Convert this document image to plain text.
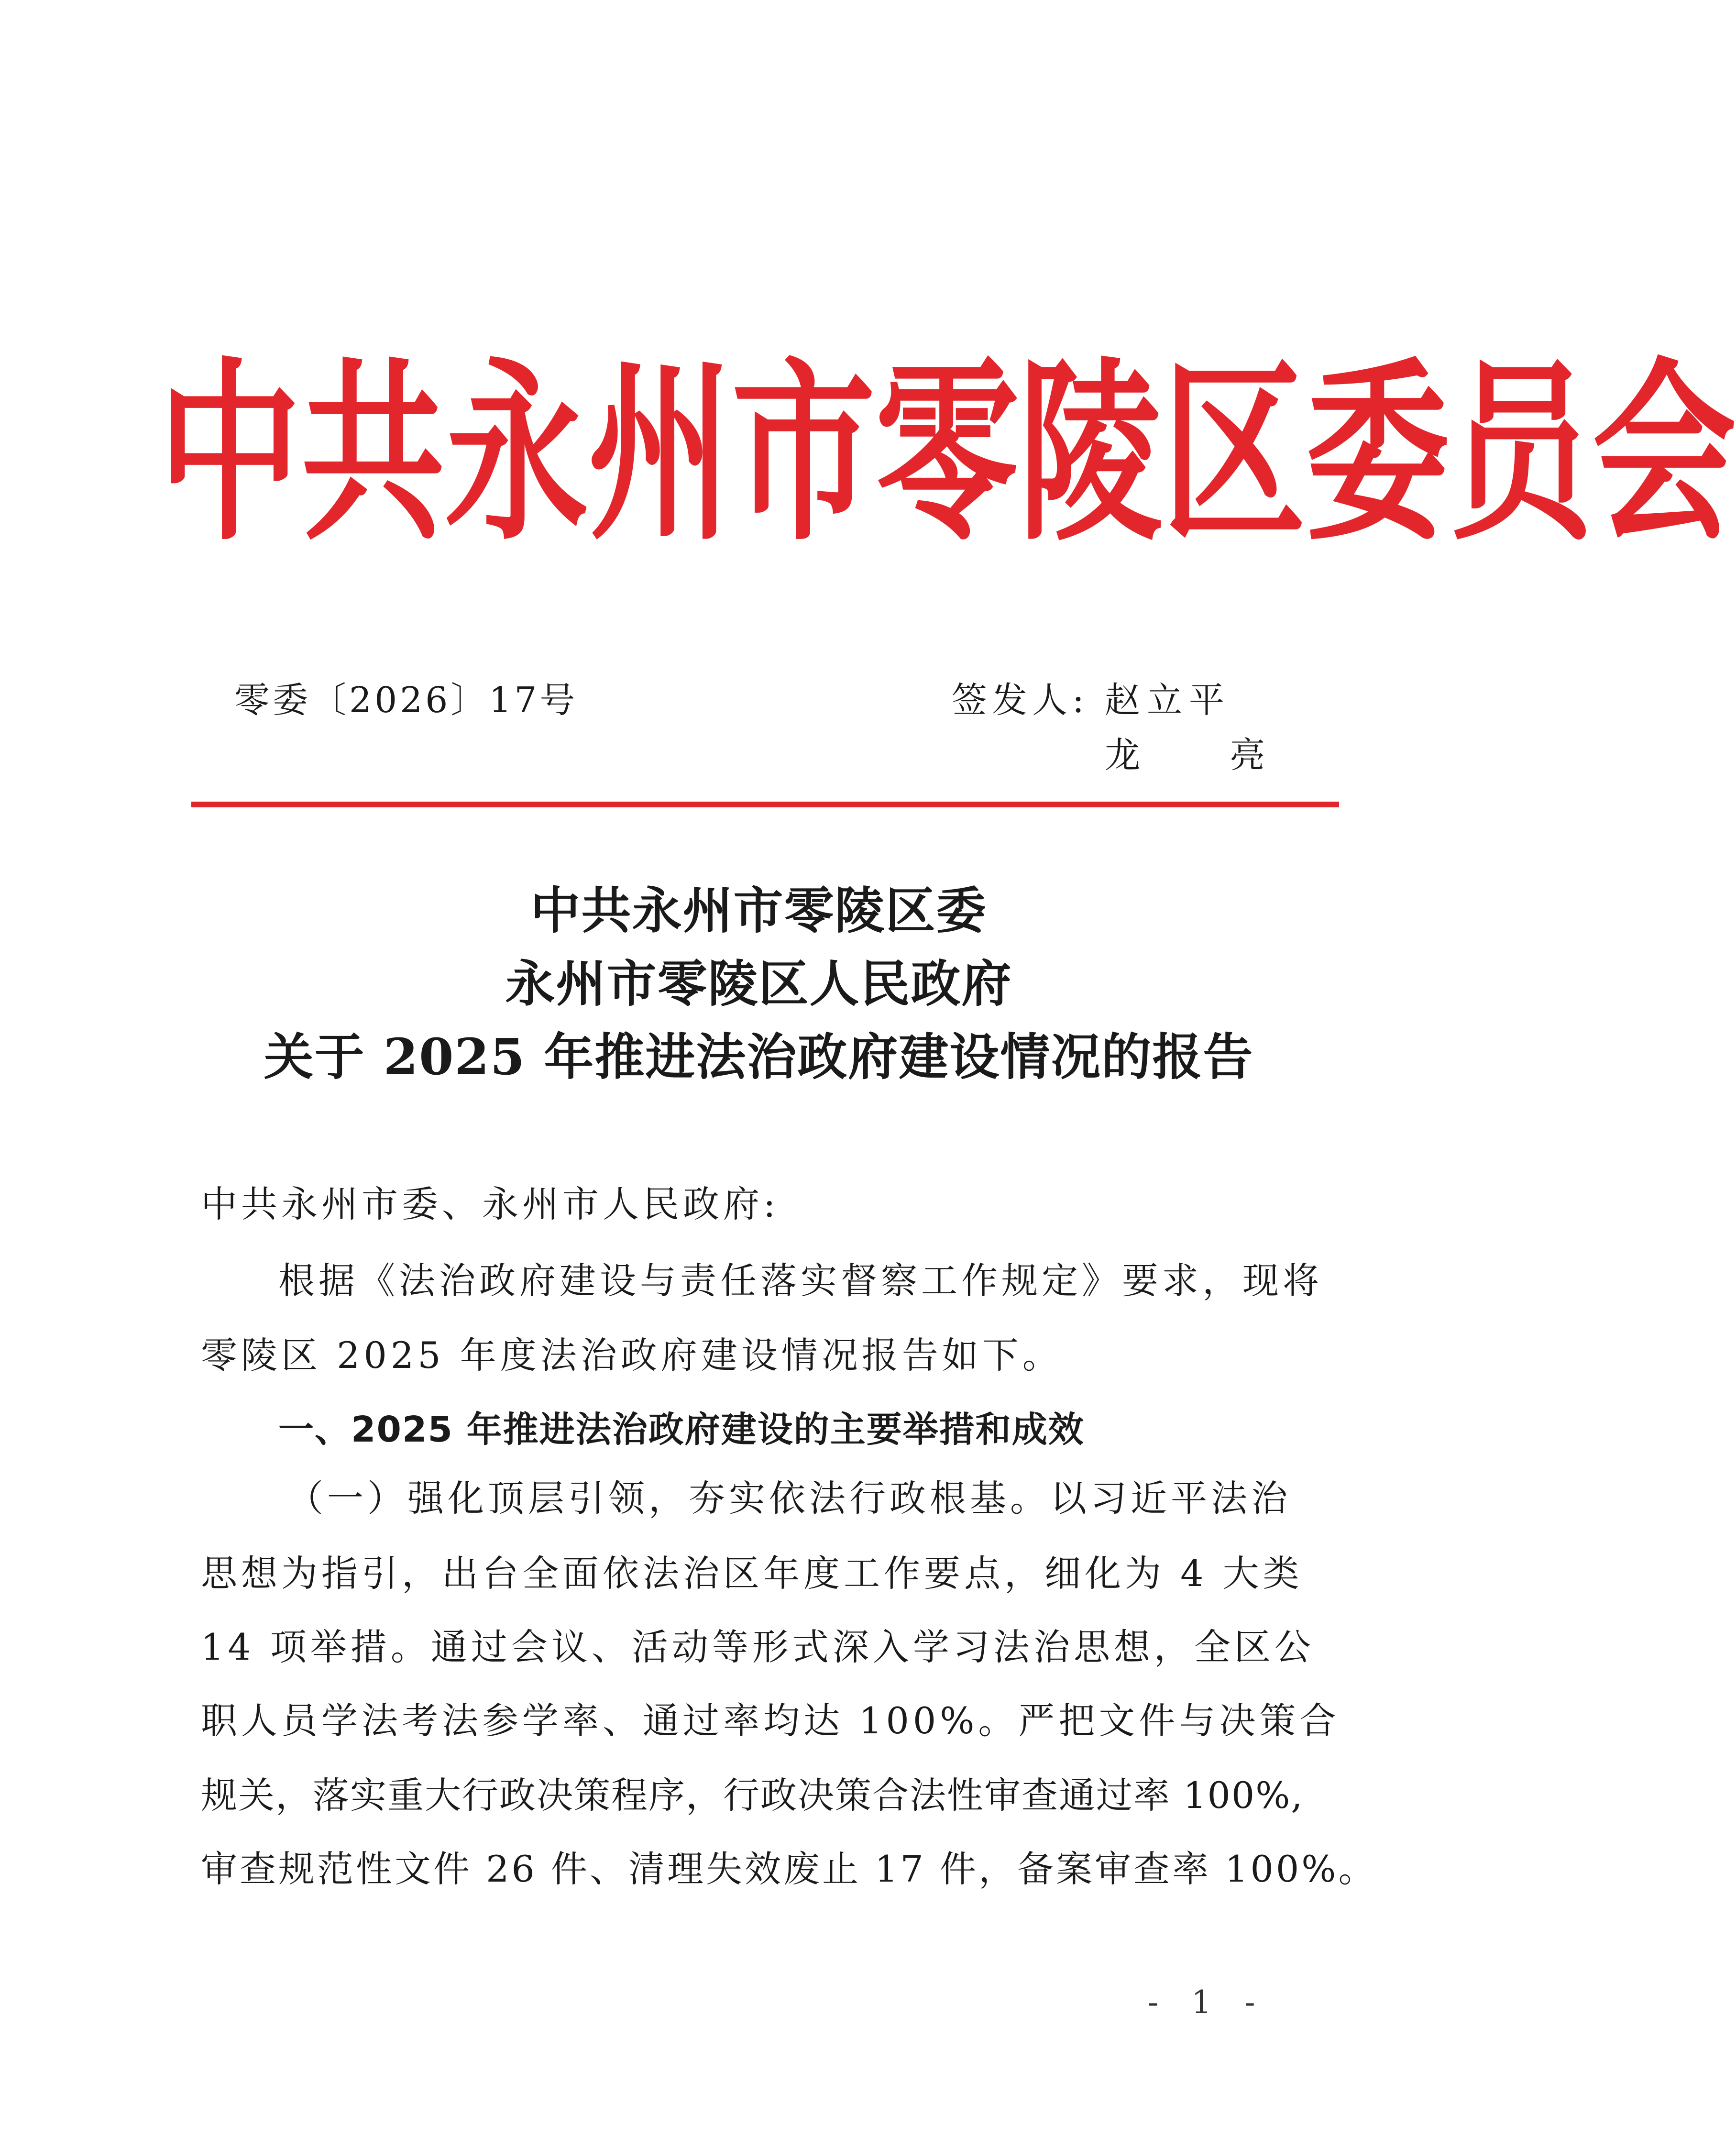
中 共 永 州 市 零 陵 区 委 员 会
零委〔2026〕17号	签发人: 赵立平
龙 亮
中共永州市零陵区委
永州市零陵区人民政府
关于 2025 年推进法治政府建设情况的报告
中共永州市委、永州市人民政府:
根据《法治政府建设与责任落实督察工作规定》要求，现将
零陵区 2025 年度法治政府建设情况报告如下。
一、2025 年推进法治政府建设的主要举措和成效
（一）强化顶层引领，夯实依法行政根基。以习近平法治
思想为指引，出台全面依法治区年度工作要点，细化为 4 大类
14 项举措。通过会议、活动等形式深入学习法治思想，全区公
职人员学法考法参学率、通过率均达 100%。严把文件与决策合
规关，落实重大行政决策程序，行政决策合法性审查通过率 100%,
审查规范性文件 26 件、清理失效废止 17 件，备案审查率 100%。
- 1 -
